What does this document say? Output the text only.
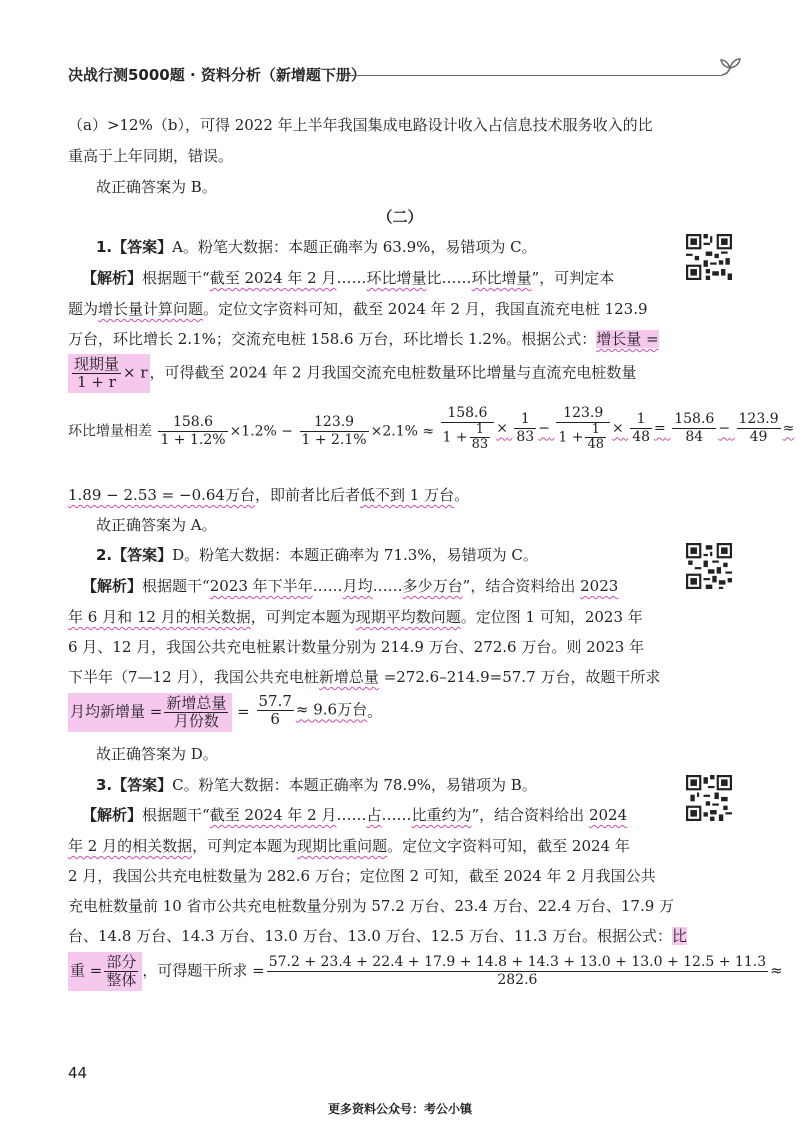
决战行测5000题 · 资料分析（新增题下册）
（a）>12%（b），可得 2022 年上半年我国集成电路设计收入占信息技术服务收入的比
重高于上年同期，错误。
故正确答案为 B。
（二）
1.【答案】A。粉笔大数据：本题正确率为 63.9%，易错项为 C。
【解析】根据题干“截至 2024 年 2 月……环比增量比……环比增量”，可判定本
题为增长量计算问题。定位文字资料可知，截至 2024 年 2 月，我国直流充电桩 123.9
万台，环比增长 2.1%；交流充电桩 158.6 万台，环比增长 1.2%。根据公式：增长量 =
$\frac{\text{现期量}}{1 + r} \times r$ ，可得截至 2024 年 2 月我国交流充电桩数量环比增量与直流充电桩数量
环比增量相差 $\frac{158.6}{1 + 1.2\%} \times 1.2\% - \frac{123.9}{1 + 2.1\%} \times 2.1\% \approx \frac{158.6}{1 + \frac{1}{83}} \times \frac{1}{83} - \frac{123.9}{1 + \frac{1}{48}} \times \frac{1}{48} = \frac{158.6}{84} - \frac{123.9}{49}$ ≈
1.89 − 2.53 = −0.64万台，即前者比后者低不到 1 万台。
故正确答案为 A。
2.【答案】D。粉笔大数据：本题正确率为 71.3%，易错项为 C。
【解析】根据题干“2023 年下半年……月均……多少万台”，结合资料给出 2023
年 6 月和 12 月的相关数据，可判定本题为现期平均数问题。定位图 1 可知，2023 年
6 月、12 月，我国公共充电桩累计数量分别为 214.9 万台、272.6 万台。则 2023 年
下半年（7—12 月），我国公共充电桩新增总量 =272.6–214.9=57.7 万台，故题干所求
月均新增量 = $\frac{\text{新增总量}}{\text{月份数}} = \frac{57.7}{6} \approx 9.6$万台。
故正确答案为 D。
3.【答案】C。粉笔大数据：本题正确率为 78.9%，易错项为 B。
【解析】根据题干“截至 2024 年 2 月……占……比重约为”，结合资料给出 2024
年 2 月的相关数据，可判定本题为现期比重问题。定位文字资料可知，截至 2024 年
2 月，我国公共充电桩数量为 282.6 万台；定位图 2 可知，截至 2024 年 2 月我国公共
充电桩数量前 10 省市公共充电桩数量分别为 57.2 万台、23.4 万台、22.4 万台、17.9 万
台、14.8 万台、14.3 万台、13.0 万台、13.0 万台、12.5 万台、11.3 万台。根据公式：比
重 = $\frac{\text{部分}}{\text{整体}}$ ，可得题干所求 = 57.2 + 23.4 + 22.4 + 17.9 + 14.8 + 14.3 + 13.0 + 13.0 + 12.5 + 11.3
282.6
≈
44
更多资料公众号：考公小镇
